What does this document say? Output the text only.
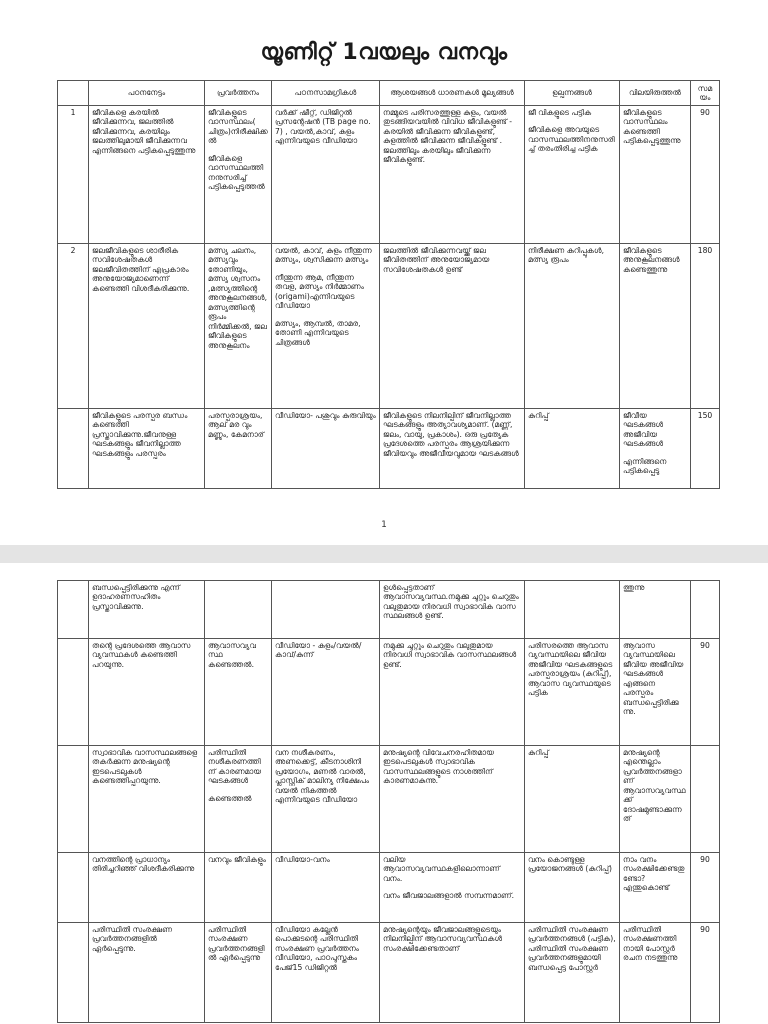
യൂണിറ്റ് 1വയലും വനവും
	പഠനനേട്ടം	പ്രവർത്തനം	പഠനസാമഗ്രികൾ	ആശയങ്ങൾ ധാരണകൾ മൂല്യങ്ങൾ	ഉല്പന്നങ്ങൾ	വിലയിരുത്തൽ	സമയം
1	ജീവികളെ കരയിൽ ജീവിക്കുന്നവ, ജലത്തിൽ ജീവിക്കുന്നവ, കരയിലും ജലത്തിലുമായി ജീവിക്കുന്നവ എന്നിങ്ങനെ പട്ടികപ്പെടുത്തുന്നു	ജീവികളുടെ വാസസ്ഥലം( ചിത്രം)നിരീക്ഷിക്കൽ
ജീവികളെ വാസസ്ഥലത്തിനനുസരിച്ച് പട്ടികപ്പെടുത്തൽ	വർക്ക് ഷീറ്റ്, ഡിജിറ്റൽ പ്രസന്റേഷൻ (TB page no. 7) , വയൽ,കാവ്, കുളം എന്നിവയുടെ വീഡിയോ	നമ്മുടെ പരിസരത്തുള്ള കുളം, വയൽ തുടങ്ങിയവയിൽ വിവിധ ജീവികളുണ്ട് - കരയിൽ ജീവിക്കുന്ന ജീവികളുണ്ട്, കുളത്തിൽ ജീവിക്കുന്ന ജീവികളുണ്ട് . ജലത്തിലും കരയിലും ജീവിക്കുന്ന ജീവികളുണ്ട്.	ജീ വികളുടെ പട്ടിക
ജീവികളെ അവയുടെ വാസസ്ഥലത്തിനനുസരിച്ച് തരംതിരിച്ച പട്ടിക	ജീവികളുടെ വാസസ്ഥലം കണ്ടെത്തി പട്ടികപ്പെടുത്തുന്നു	90
2	ജലജീവികളുടെ ശാരീരിക സവിശേഷതകൾ ജലജീവിതത്തിന് എപ്രകാരം അനുയോജ്യമാണെന്ന് കണ്ടെത്തി വിശദീകരിക്കുന്നു.	മത്സ്യ ചലനം, മത്സ്യവും തോണിയും, മത്സ്യ ശ്വസനം ,മത്സ്യത്തിന്റെ അനുകൂലനങ്ങൾ, മത്സ്യത്തിന്റെ രൂപം നിർമ്മിക്കൽ, ജല ജീവികളുടെ അനുകൂലനം	വയൽ, കാവ്, കുളം നീന്തുന്ന മത്സ്യം, ശ്വസിക്കുന്ന മത്സ്യം
നീന്തുന്ന ആമ, നീന്തുന്ന തവള, മത്സ്യം നിർമ്മാണം (origami)എന്നിവയുടെ വീഡിയോ
മത്സ്യം, ആമ്പൽ, താമര, തോണി എന്നിവയുടെ ചിത്രങ്ങൾ	ജലത്തിൽ ജീവിക്കുന്നവയ്ക്ക് ജല ജീവിതത്തിന് അനുയോജ്യമായ സവിശേഷതകൾ ഉണ്ട്	നിരീക്ഷണ കുറിപ്പുകൾ, മത്സ്യ രൂപം	ജീവികളുടെ അനുകൂലനങ്ങൾ കണ്ടെത്തുന്നു	180

	ജീവികളുടെ പരസ്പര ബന്ധം കണ്ടെത്തി പ്രസ്താവിക്കുന്നു.ജീവനുള്ള ഘടകങ്ങളും ജീവനില്ലാത്ത ഘടകങ്ങളും പരസ്പരം	പരസ്പരാശ്രയം, ആല് മര വും മണ്ണും, കേമനാര്	വീഡിയോ- പശുവും കുരുവിയും	ജീവികളുടെ നിലനില്പിന് ജീവനില്ലാത്ത ഘടകങ്ങളും അത്യാവശ്യമാണ്. (മണ്ണ്, ജലം, വായു, പ്രകാശം). ഒരു പ്രത്യേക പ്രദേശത്തെ പരസ്പരം ആശ്രയിക്കുന്ന ജീവിയവും അജീവീയവുമായ ഘടകങ്ങൾ	കുറിപ്പ്	ജീവീയ ഘടകങ്ങൾ അജീവിയ ഘടകങ്ങൾ
എന്നിങ്ങനെ പട്ടികപ്പെടു	150
1

	ബന്ധപ്പെട്ടിരിക്കുന്നു എന്ന് ഉദാഹരണസഹിതം പ്രസ്താവിക്കുന്നു.			ഉൾപ്പെട്ടതാണ് ആവാസവ്യവസ്ഥ.നമുക്കു ചുറ്റും ചെറുതും വലുതുമായ നിരവധി സ്വാഭാവിക വാസ സ്ഥലങ്ങൾ ഉണ്ട്.		ത്തുന്നു	

	തന്റെ പ്രദേശത്തെ ആവാസ വ്യവസ്ഥകൾ കണ്ടെത്തി പറയുന്നു.	ആവാസവ്യവസ്ഥ കണ്ടെത്തൽ.	വീഡിയോ - കുളം/വയൽ/കാവ്/കുന്ന്	നമുക്കു ചുറ്റും ചെറുതും വലുതുമായ നിരവധി സ്വാഭാവിക വാസസ്ഥലങ്ങൾ ഉണ്ട്.	പരിസരത്തെ ആവാസ വ്യവസ്ഥയിലെ ജീവിയ അജീവിയ ഘടകങ്ങളുടെ പരസ്പരാശ്രയം (കുറിപ്പ്), ആവാസ വ്യവസ്ഥയുടെ പട്ടിക	ആവാസ വ്യവസ്ഥയിലെ ജീവിയ അജീവിയ ഘടകങ്ങൾ എങ്ങനെ പരസ്പരം ബന്ധപ്പെട്ടിരിക്കുന്നു.	90

	സ്വാഭാവിക വാസസ്ഥലങ്ങളെ തകർക്കുന്ന മനുഷ്യന്റെ ഇടപെടലുകൾ കണ്ടെത്തിപ്പറയുന്നു.	പരിസ്ഥിതി നശീകരണത്തിന് കാരണമായ ഘടകങ്ങൾ
കണ്ടെത്തൽ	വന നശീകരണം, അണക്കെട്ട്, കീടനാശിനി പ്രയോഗം, മണൽ വാരൽ, പ്ലാസ്റ്റിക് മാലിന്യ നിക്ഷേപം വയൽ നികത്തൽ എന്നിവയുടെ വീഡിയോ	മനുഷ്യന്റെ വിവേചനരഹിതമായ ഇടപെടലുകൾ സ്വാഭാവിക വാസസ്ഥലങ്ങളുടെ നാശത്തിന് കാരണമാകുന്നു.	കുറിപ്പ്	മനുഷ്യന്റെ എന്തെല്ലാം പ്രവർത്തനങ്ങളാണ് ആവാസവ്യവസ്ഥക്ക് ദോഷമുണ്ടാക്കുന്നത്	

	വനത്തിന്റെ പ്രാധാന്യം തിരിച്ചറിഞ്ഞ് വിശദീകരിക്കുന്നു	വനവും ജീവികളും	വീഡിയോ-വനം	വലിയ ആവാസവ്യവസ്ഥകളിലൊന്നാണ് വനം.
വനം ജീവജാലങ്ങളാൽ സമ്പന്നമാണ്.	വനം കൊണ്ടുള്ള പ്രയോജനങ്ങൾ (കുറിപ്പ്)	നാം വനം സംരക്ഷിക്കേണ്ടതുണ്ടോ? എന്തുകൊണ്ട്	90

	പരിസ്ഥിതി സംരക്ഷണ പ്രവർത്തനങ്ങളിൽ ഏർപ്പെടുന്നു.	പരിസ്ഥിതി സംരക്ഷണ പ്രവർത്തനങ്ങളിൽ ഏർപ്പെടുന്നു	വീഡിയോ കല്ലേൻ പൊക്കുടന്റെ പരിസ്ഥിതി സംരക്ഷണ പ്രവർത്തനം വീഡിയോ, പാഠപുസ്തകം പേജ്15 ഡിജിറ്റൽ	മനുഷ്യന്റെയും ജീവജാലങ്ങളുടെയും നിലനില്പിന് ആവാസവ്യവസ്ഥകൾ സംരക്ഷിക്കേണ്ടതാണ്	പരിസ്ഥിതി സംരക്ഷണ പ്രവർത്തനങ്ങൾ (പട്ടിക), പരിസ്ഥിതി സംരക്ഷണ പ്രവർത്തനങ്ങളുമായി ബന്ധപ്പെട്ട പോസ്റ്റർ	പരിസ്ഥിതി സംരക്ഷണത്തിനായി പോസ്റ്റർ രചന നടത്തുന്നു	90
